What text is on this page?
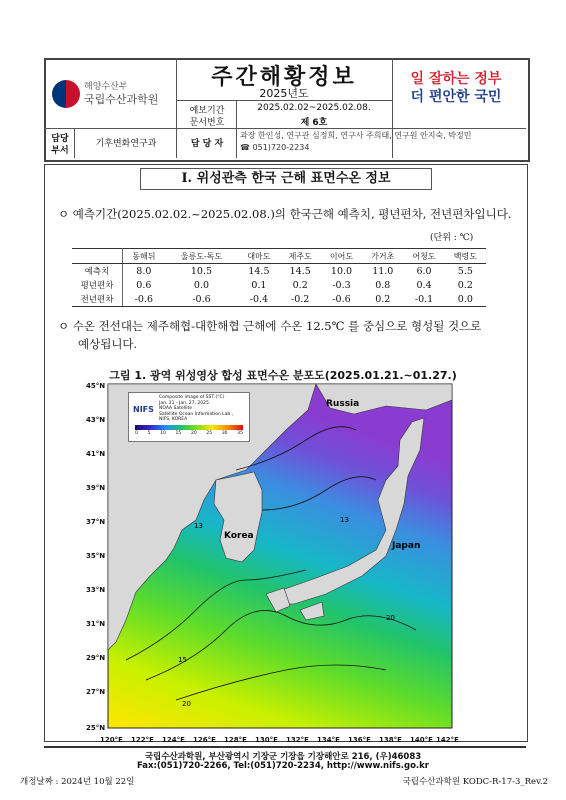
해양수산부
국립수산과학원
주간해황정보
2025년도
예보기간
문서번호
2025.02.02~2025.02.08.
제 6호
일 잘하는 정부
더 편안한 국민
담당
부서
기후변화연구과	담 당 자
과장 한인성, 연구관 심정희, 연구사 주희태, 연구원 안지숙, 박정민
☎ 051)720-2234
I. 위성관측 한국 근해 표면수온 정보
ㅇ 예측기간(2025.02.02.~2025.02.08.)의 한국근해 예측치, 평년편차, 전년편차입니다.
(단위 : ℃)
	동해뒤	울릉도-독도	대마도	제주도	이어도	가거초	어청도	백령도
예측치	8.0	10.5	14.5	14.5	10.0	11.0	6.0	5.5
평년편차	0.6	0.0	0.1	0.2	-0.3	0.8	0.4	0.2
전년편차	-0.6	-0.6	-0.4	-0.2	-0.6	0.2	-0.1	0.0
ㅇ 수온 전선대는 제주해협-대한해협 근해에 수온 12.5℃ 를 중심으로 형성될 것으로
예상됩니다.
그림 1. 광역 위성영상 합성 표면수온 분포도(2025.01.21.~01.27.)
Russia
Korea
Japan
20
13
13
15
20
45°N
43°N
41°N
39°N
37°N
35°N
33°N
31°N
29°N
27°N
25°N
120°E 122°E 124°E 126°E 128°E 130°E 132°E 134°E 136°E 138°E 140°E 142°E
NIFS
Composite image of SST (°C)
Jan. 21 - Jan. 27, 2025
NOAA Satellite
Satellite Ocean Information Lab.,
NIFS, KOREA
0 5 10 15 20 25 30 35
국립수산과학원, 부산광역시 기장군 기장읍 기장해안로 216, (우)46083
Fax:(051)720-2266, Tel:(051)720-2234, http://www.nifs.go.kr
개정날짜 : 2024년 10월 22일	국립수산과학원 KODC-R-17-3_Rev.2
